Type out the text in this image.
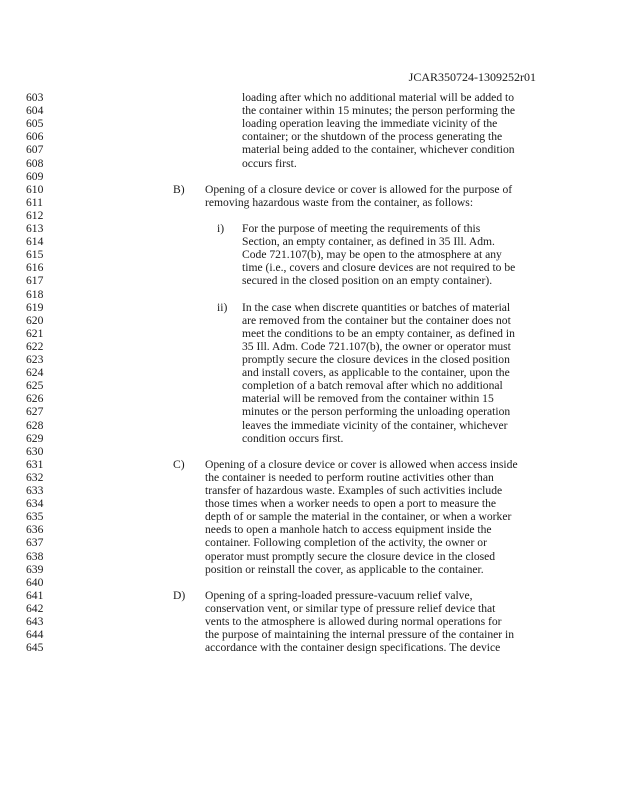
JCAR350724-1309252r01
603	loading after which no additional material will be added to
604	the container within 15 minutes; the person performing the
605	loading operation leaving the immediate vicinity of the
606	container; or the shutdown of the process generating the
607	material being added to the container, whichever condition
608	occurs first.
609
610	B) Opening of a closure device or cover is allowed for the purpose of
611	removing hazardous waste from the container, as follows:
612
613	i) For the purpose of meeting the requirements of this
614	Section, an empty container, as defined in 35 Ill. Adm.
615	Code 721.107(b), may be open to the atmosphere at any
616	time (i.e., covers and closure devices are not required to be
617	secured in the closed position on an empty container).
618
619	ii) In the case when discrete quantities or batches of material
620	are removed from the container but the container does not
621	meet the conditions to be an empty container, as defined in
622	35 Ill. Adm. Code 721.107(b), the owner or operator must
623	promptly secure the closure devices in the closed position
624	and install covers, as applicable to the container, upon the
625	completion of a batch removal after which no additional
626	material will be removed from the container within 15
627	minutes or the person performing the unloading operation
628	leaves the immediate vicinity of the container, whichever
629	condition occurs first.
630
631	C) Opening of a closure device or cover is allowed when access inside
632	the container is needed to perform routine activities other than
633	transfer of hazardous waste. Examples of such activities include
634	those times when a worker needs to open a port to measure the
635	depth of or sample the material in the container, or when a worker
636	needs to open a manhole hatch to access equipment inside the
637	container. Following completion of the activity, the owner or
638	operator must promptly secure the closure device in the closed
639	position or reinstall the cover, as applicable to the container.
640
641	D) Opening of a spring-loaded pressure-vacuum relief valve,
642	conservation vent, or similar type of pressure relief device that
643	vents to the atmosphere is allowed during normal operations for
644	the purpose of maintaining the internal pressure of the container in
645	accordance with the container design specifications. The device
